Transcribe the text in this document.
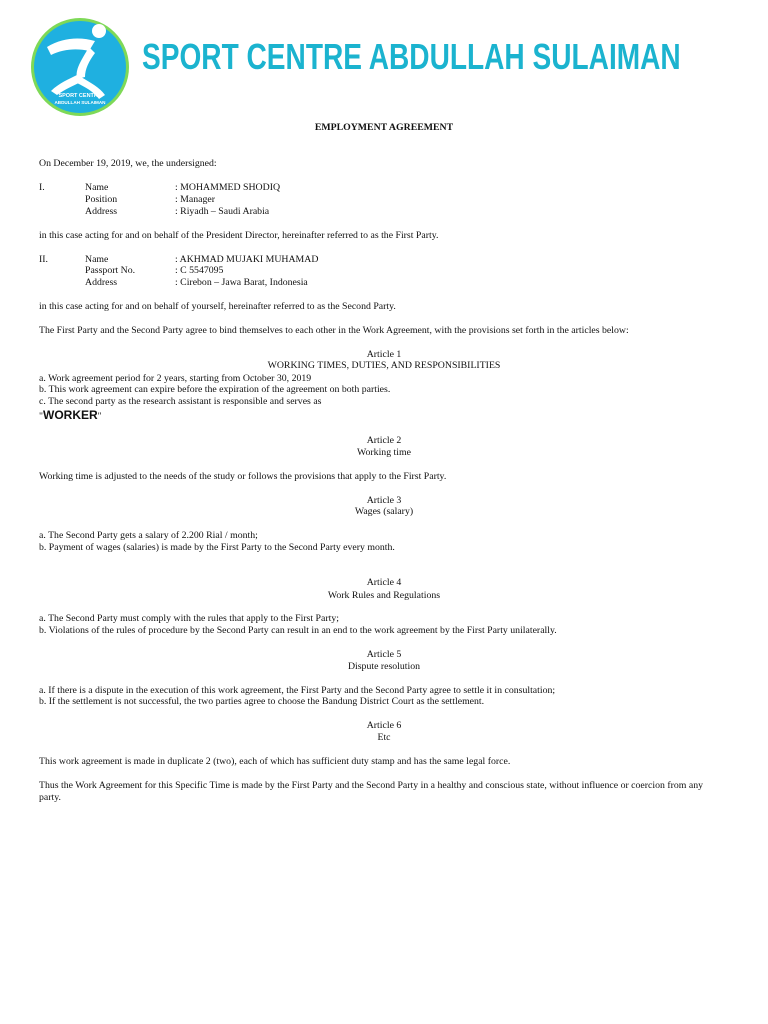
SPORT CENTRE
ABDULLAH SULAIMAN
SPORT CENTRE ABDULLAH SULAIMAN
EMPLOYMENT AGREEMENT
On December 19, 2019, we, the undersigned:
I.	Name	: MOHAMMED SHODIQ
Position	: Manager
Address	: Riyadh – Saudi Arabia
in this case acting for and on behalf of the President Director, hereinafter referred to as the First Party.
II.	Name	: AKHMAD MUJAKI MUHAMAD
Passport No.	: C 5547095
Address	: Cirebon – Jawa Barat, Indonesia
in this case acting for and on behalf of yourself, hereinafter referred to as the Second Party.
The First Party and the Second Party agree to bind themselves to each other in the Work Agreement, with the provisions set forth in the articles below:
Article 1
WORKING TIMES, DUTIES, AND RESPONSIBILITIES
a. Work agreement period for 2 years, starting from October 30, 2019
b. This work agreement can expire before the expiration of the agreement on both parties.
c. The second party as the research assistant is responsible and serves as
"WORKER"
Article 2
Working time
Working time is adjusted to the needs of the study or follows the provisions that apply to the First Party.
Article 3
Wages (salary)
a. The Second Party gets a salary of 2.200 Rial / month;
b. Payment of wages (salaries) is made by the First Party to the Second Party every month.
Article 4
Work Rules and Regulations
a. The Second Party must comply with the rules that apply to the First Party;
b. Violations of the rules of procedure by the Second Party can result in an end to the work agreement by the First Party unilaterally.
Article 5
Dispute resolution
a. If there is a dispute in the execution of this work agreement, the First Party and the Second Party agree to settle it in consultation;
b. If the settlement is not successful, the two parties agree to choose the Bandung District Court as the settlement.
Article 6
Etc
This work agreement is made in duplicate 2 (two), each of which has sufficient duty stamp and has the same legal force.
Thus the Work Agreement for this Specific Time is made by the First Party and the Second Party in a healthy and conscious state, without influence or coercion from any
party.
